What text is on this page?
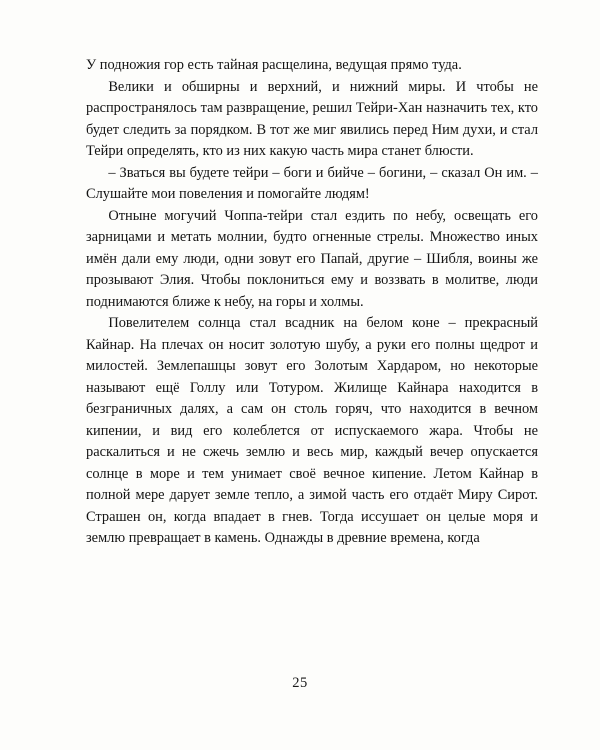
У подножия гор есть тайная расщелина, ведущая прямо туда.

Велики и обширны и верхний, и нижний миры. И чтобы не распространялось там развращение, решил Тейри-Хан назначить тех, кто будет следить за порядком. В тот же миг явились перед Ним духи, и стал Тейри определять, кто из них какую часть мира станет блюсти.

– Зваться вы будете тейри – боги и бийче – богини, – сказал Он им. – Слушайте мои повеления и помогайте людям!

Отныне могучий Чоппа-тейри стал ездить по небу, освещать его зарницами и метать молнии, будто огненные стрелы. Множество иных имён дали ему люди, одни зовут его Папай, другие – Шибля, воины же прозывают Элия. Чтобы поклониться ему и воззвать в молитве, люди поднимаются ближе к небу, на горы и холмы.

Повелителем солнца стал всадник на белом коне – прекрасный Кайнар. На плечах он носит золотую шубу, а руки его полны щедрот и милостей. Землепашцы зовут его Золотым Хардаром, но некоторые называют ещё Голлу или Тотуром. Жилище Кайнара находится в безграничных далях, а сам он столь горяч, что находится в вечном кипении, и вид его колеблется от испускаемого жара. Чтобы не раскалиться и не сжечь землю и весь мир, каждый вечер опускается солнце в море и тем унимает своё вечное кипение. Летом Кайнар в полной мере дарует земле тепло, а зимой часть его отдаёт Миру Сирот. Страшен он, когда впадает в гнев. Тогда иссушает он целые моря и землю превращает в камень. Однажды в древние времена, когда

25
